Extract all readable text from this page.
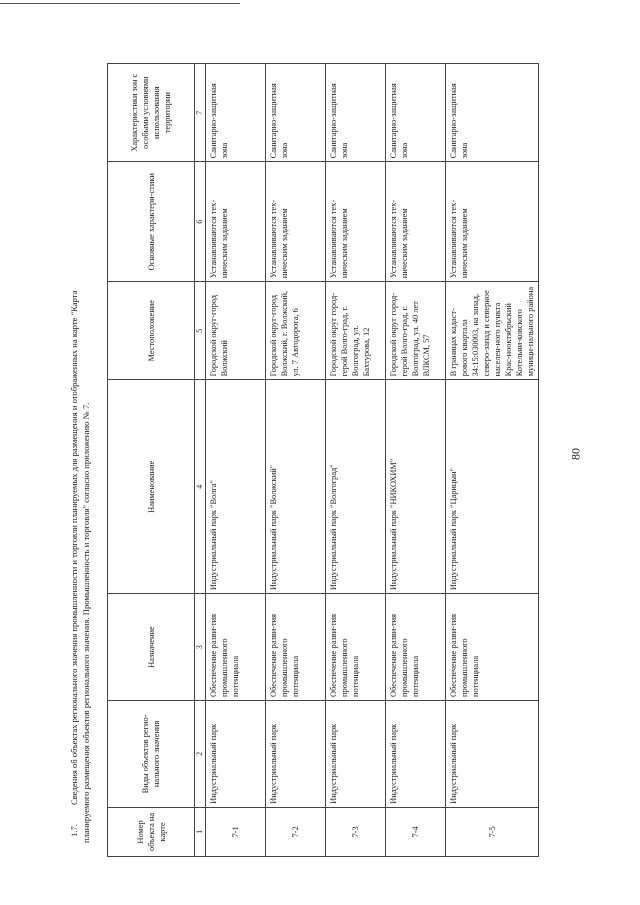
80
1.7.Сведения об объектах регионального значения промышленности и торговли планируемых для размещения и отображенных на карте "Карта планируемого размещения объектов регионального значения. Промышленность и торговля" согласно приложению № 7.	Номер объекта на карте	Виды объектов регио-нального значения	Назначение	Наименование	Местоположение	Основные характери-стики	Характеристики зон с особыми условиями использования территории
1	2	3	4	5	6	7
7-1	Индустриальный парк	Обеспечение разви-тия промышленного потенциала	Индустриальный парк "Волга"	Городской округ-город Волжский	Устанавливаются тех-ническим заданием	Санитарно-защитная зона
7-2	Индустриальный парк	Обеспечение разви-тия промышленного потенциала	Индустриальный парк "Волжский"	Городской округ-город Волжский, г. Волжский, ул. 7 Автодорога, 6	Устанавливаются тех-ническим заданием	Санитарно-защитная зона
7-3	Индустриальный парк	Обеспечение разви-тия промышленного потенциала	Индустриальный парк "Волгоград"	Городской округ город-герой Волго-град, г. Волгоград, ул. Бахтурова, 12	Устанавливаются тех-ническим заданием	Санитарно-защитная зона
7-4	Индустриальный парк	Обеспечение разви-тия промышленного потенциала	Индустриальный парк "НИКОХИМ"	Городской округ город-герой Волго-град, г. Волгоград, ул. 40 лет ВЛКСМ, 57	Устанавливаются тех-ническим заданием	Санитарно-защитная зона
7-5	Индустриальный парк	Обеспечение разви-тия промышленного потенциала	Индустриальный парк "Царицын"	В границах кадаст-рового квартала 34:15:030003, на запад, северо-запад и северное населен-ного пункта Крас-нооктябрьский Котельни-ковского муници-пального района	Устанавливаются тех-ническим заданием	Санитарно-защитная зона
